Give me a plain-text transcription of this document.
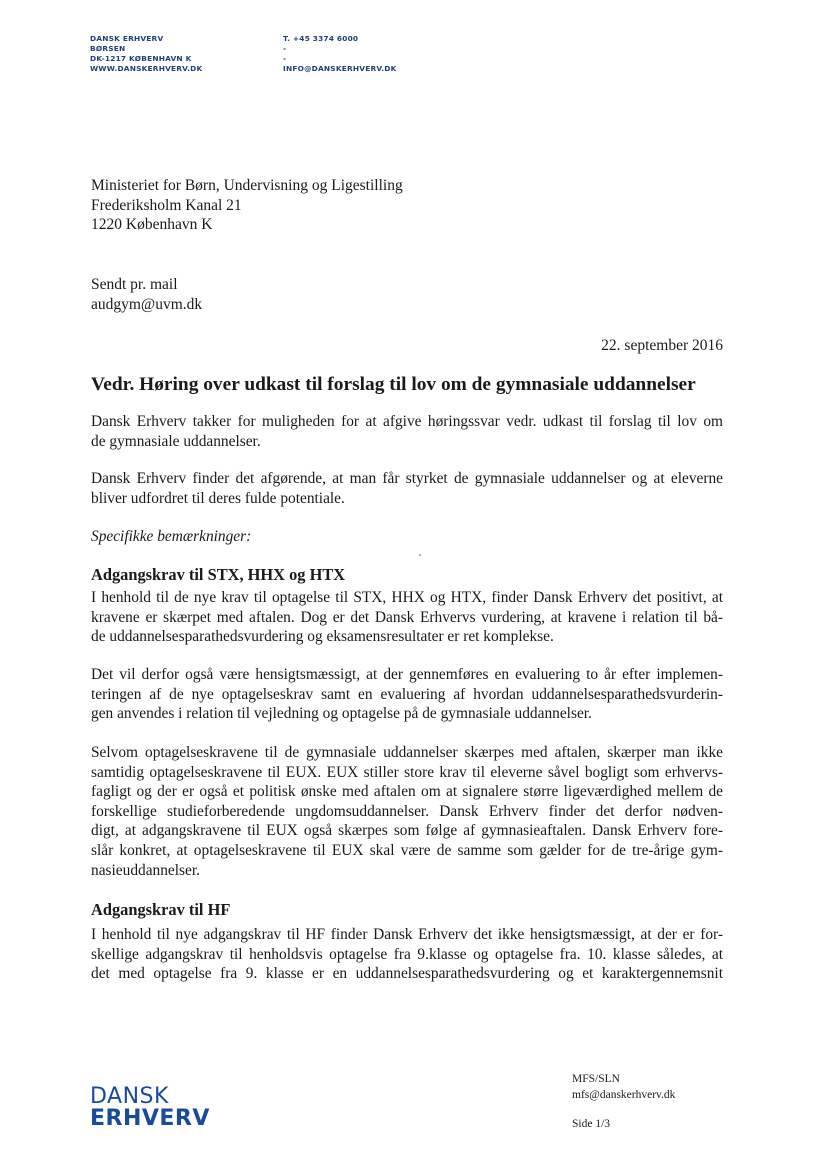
DANSK ERHVERV
BØRSEN
DK-1217 KØBENHAVN K
WWW.DANSKERHVERV.DK
T. +45 3374 6000
-
-
INFO@DANSKERHVERV.DK
Ministeriet for Børn, Undervisning og Ligestilling
Frederiksholm Kanal 21
1220 København K
Sendt pr. mail
audgym@uvm.dk
22. september 2016
Vedr. Høring over udkast til forslag til lov om de gymnasiale uddannelser
Dansk Erhverv takker for muligheden for at afgive høringssvar vedr. udkast til forslag til lov om
de gymnasiale uddannelser.
Dansk Erhverv finder det afgørende, at man får styrket de gymnasiale uddannelser og at eleverne
bliver udfordret til deres fulde potentiale.
Specifikke bemærkninger:
Adgangskrav til STX, HHX og HTX
I henhold til de nye krav til optagelse til STX, HHX og HTX, finder Dansk Erhverv det positivt, at
kravene er skærpet med aftalen. Dog er det Dansk Erhvervs vurdering, at kravene i relation til bå-
de uddannelsesparathedsvurdering og eksamensresultater er ret komplekse.
Det vil derfor også være hensigtsmæssigt, at der gennemføres en evaluering to år efter implemen-
teringen af de nye optagelseskrav samt en evaluering af hvordan uddannelsesparathedsvurderin-
gen anvendes i relation til vejledning og optagelse på de gymnasiale uddannelser.
Selvom optagelseskravene til de gymnasiale uddannelser skærpes med aftalen, skærper man ikke
samtidig optagelseskravene til EUX. EUX stiller store krav til eleverne såvel bogligt som erhvervs-
fagligt og der er også et politisk ønske med aftalen om at signalere større ligeværdighed mellem de
forskellige studieforberedende ungdomsuddannelser. Dansk Erhverv finder det derfor nødven-
digt, at adgangskravene til EUX også skærpes som følge af gymnasieaftalen. Dansk Erhverv fore-
slår konkret, at optagelseskravene til EUX skal være de samme som gælder for de tre-årige gym-
nasieuddannelser.
Adgangskrav til HF
I henhold til nye adgangskrav til HF finder Dansk Erhverv det ikke hensigtsmæssigt, at der er for-
skellige adgangskrav til henholdsvis optagelse fra 9.klasse og optagelse fra. 10. klasse således, at
det med optagelse fra 9. klasse er en uddannelsesparathedsvurdering og et karaktergennemsnit
DANSK
ERHVERV
MFS/SLN
mfs@danskerhverv.dk
Side 1/3
